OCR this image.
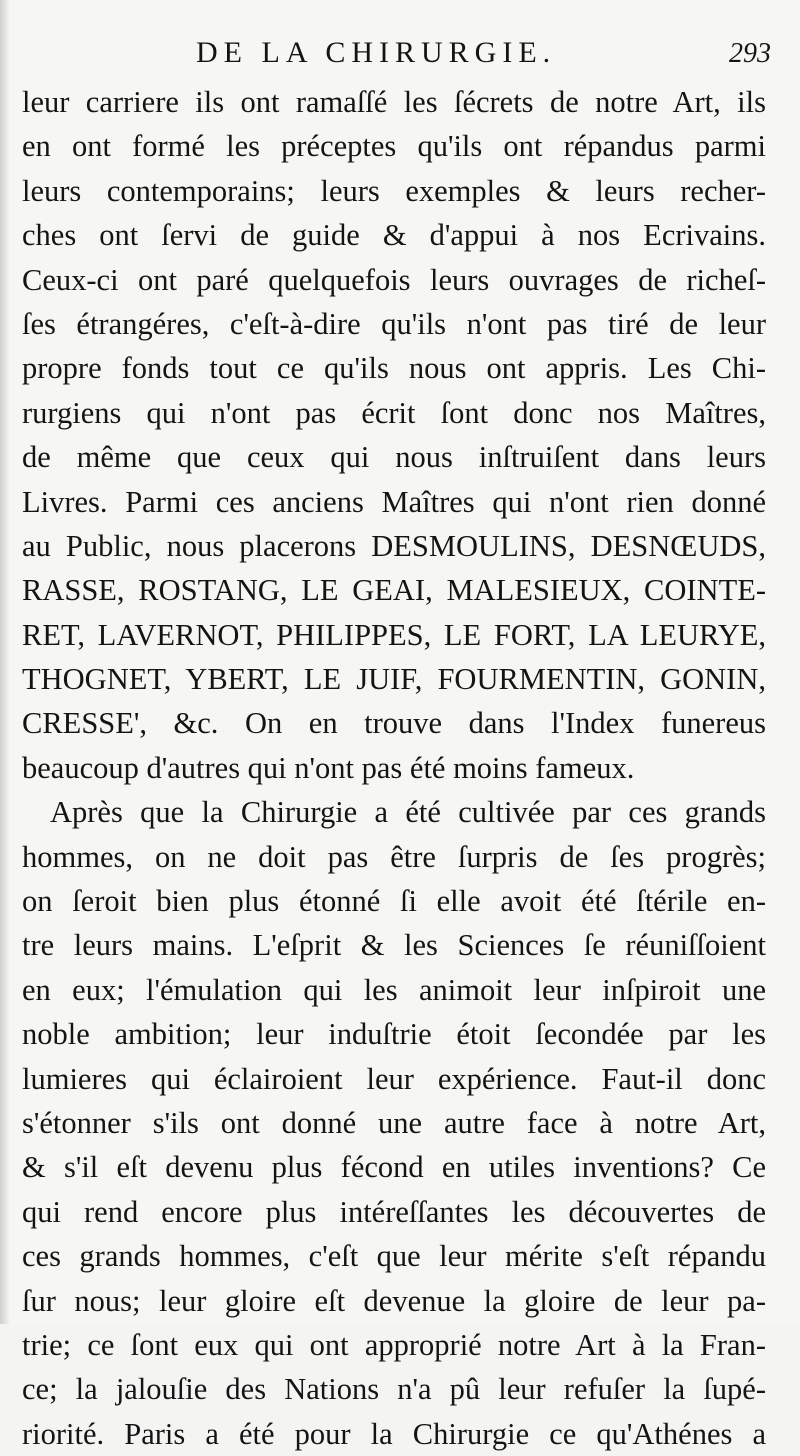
DE LA CHIRURGIE.	293
leur carriere ils ont ramaſſé les ſécrets de notre Art, ils
en ont formé les préceptes qu'ils ont répandus parmi
leurs contemporains; leurs exemples & leurs recher-
ches ont ſervi de guide & d'appui à nos Ecrivains.
Ceux-ci ont paré quelquefois leurs ouvrages de richeſ-
ſes étrangéres, c'eſt-à-dire qu'ils n'ont pas tiré de leur
propre fonds tout ce qu'ils nous ont appris. Les Chi-
rurgiens qui n'ont pas écrit ſont donc nos Maîtres,
de même que ceux qui nous inſtruiſent dans leurs
Livres. Parmi ces anciens Maîtres qui n'ont rien donné
au Public, nous placerons DESMOULINS, DESNŒUDS,
RASSE, ROSTANG, LE GEAI, MALESIEUX, COINTE-
RET, LAVERNOT, PHILIPPES, LE FORT, LA LEURYE,
THOGNET, YBERT, LE JUIF, FOURMENTIN, GONIN,
CRESSE', &c. On en trouve dans l'Index funereus
beaucoup d'autres qui n'ont pas été moins fameux.
Après que la Chirurgie a été cultivée par ces grands
hommes, on ne doit pas être ſurpris de ſes progrès;
on ſeroit bien plus étonné ſi elle avoit été ſtérile en-
tre leurs mains. L'eſprit & les Sciences ſe réuniſſoient
en eux; l'émulation qui les animoit leur inſpiroit une
noble ambition; leur induſtrie étoit ſecondée par les
lumieres qui éclairoient leur expérience. Faut-il donc
s'étonner s'ils ont donné une autre face à notre Art,
& s'il eſt devenu plus fécond en utiles inventions? Ce
qui rend encore plus intéreſſantes les découvertes de
ces grands hommes, c'eſt que leur mérite s'eſt répandu
ſur nous; leur gloire eſt devenue la gloire de leur pa-
trie; ce ſont eux qui ont approprié notre Art à la Fran-
ce; la jalouſie des Nations n'a pû leur refuſer la ſupé-
riorité. Paris a été pour la Chirurgie ce qu'Athénes a
